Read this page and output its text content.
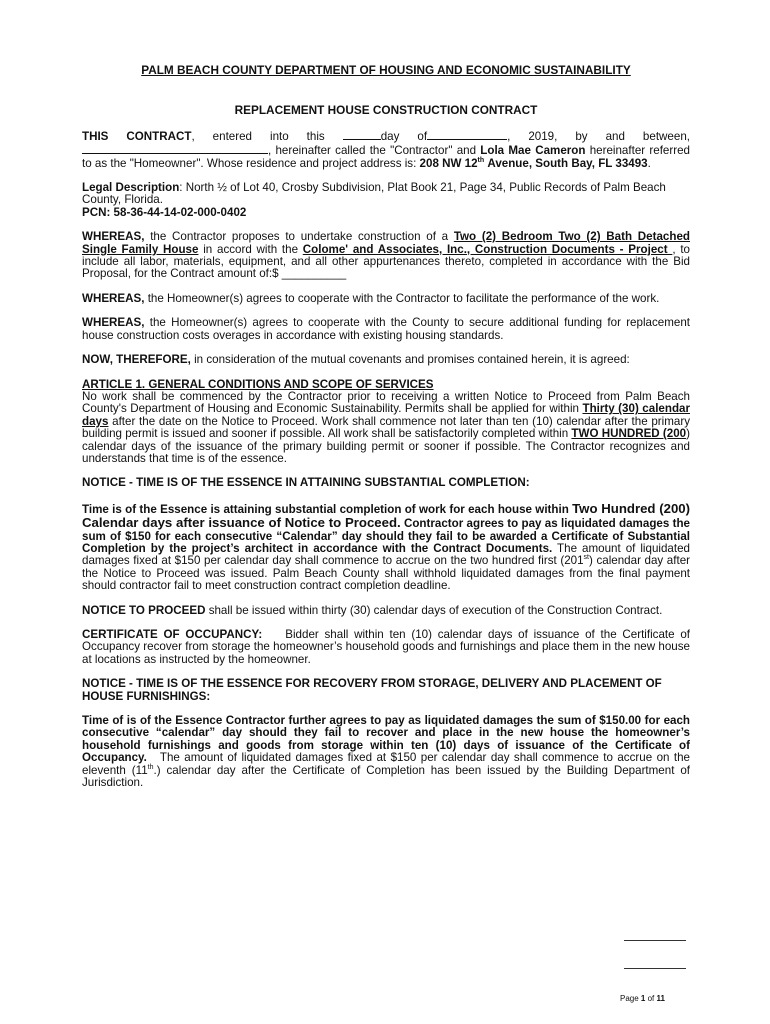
PALM BEACH COUNTY DEPARTMENT OF HOUSING AND ECONOMIC SUSTAINABILITY
REPLACEMENT HOUSE CONSTRUCTION CONTRACT

THIS CONTRACT, entered into this	day of	, 2019, by and between, , hereinafter called the "Contractor" and Lola Mae Cameron hereinafter referred to as the "Homeowner". Whose residence and project address is: 208 NW 12th Avenue, South Bay, FL 33493.

Legal Description: North ½ of Lot 40, Crosby Subdivision, Plat Book 21, Page 34, Public Records of Palm Beach County, Florida.
PCN: 58-36-44-14-02-000-0402

WHEREAS, the Contractor proposes to undertake construction of a Two (2) Bedroom Two (2) Bath Detached Single Family House in accord with the Colome' and Associates, Inc., Construction Documents - Project , to include all labor, materials, equipment, and all other appurtenances thereto, completed in accordance with the Bid Proposal, for the Contract amount of:$ __________

WHEREAS, the Homeowner(s) agrees to cooperate with the Contractor to facilitate the performance of the work.

WHEREAS, the Homeowner(s) agrees to cooperate with the County to secure additional funding for replacement house construction costs overages in accordance with existing housing standards.

NOW, THEREFORE, in consideration of the mutual covenants and promises contained herein, it is agreed:

ARTICLE 1. GENERAL CONDITIONS AND SCOPE OF SERVICES
No work shall be commenced by the Contractor prior to receiving a written Notice to Proceed from Palm Beach County's Department of Housing and Economic Sustainability. Permits shall be applied for within Thirty (30) calendar days after the date on the Notice to Proceed. Work shall commence not later than ten (10) calendar after the primary building permit is issued and sooner if possible. All work shall be satisfactorily completed within TWO HUNDRED (200) calendar days of the issuance of the primary building permit or sooner if possible. The Contractor recognizes and understands that time is of the essence.

NOTICE - TIME IS OF THE ESSENCE IN ATTAINING SUBSTANTIAL COMPLETION:

Time is of the Essence is attaining substantial completion of work for each house within Two Hundred (200) Calendar days after issuance of Notice to Proceed. Contractor agrees to pay as liquidated damages the sum of $150 for each consecutive “Calendar” day should they fail to be awarded a Certificate of Substantial Completion by the project’s architect in accordance with the Contract Documents. The amount of liquidated damages fixed at $150 per calendar day shall commence to accrue on the two hundred first (201st) calendar day after the Notice to Proceed was issued. Palm Beach County shall withhold liquidated damages from the final payment should contractor fail to meet construction contract completion deadline.

NOTICE TO PROCEED shall be issued within thirty (30) calendar days of execution of the Construction Contract.

CERTIFICATE OF OCCUPANCY:    Bidder shall within ten (10) calendar days of issuance of the Certificate of Occupancy recover from storage the homeowner’s household goods and furnishings and place them in the new house at locations as instructed by the homeowner.

NOTICE - TIME IS OF THE ESSENCE FOR RECOVERY FROM STORAGE, DELIVERY AND PLACEMENT OF HOUSE FURNISHINGS:

Time of is of the Essence Contractor further agrees to pay as liquidated damages the sum of $150.00 for each consecutive “calendar” day should they fail to recover and place in the new house the homeowner’s household furnishings and goods from storage within ten (10) days of issuance of the Certificate of Occupancy.   The amount of liquidated damages fixed at $150 per calendar day shall commence to accrue on the eleventh (11th.) calendar day after the Certificate of Completion has been issued by the Building Department of Jurisdiction.

Page 1 of 11
